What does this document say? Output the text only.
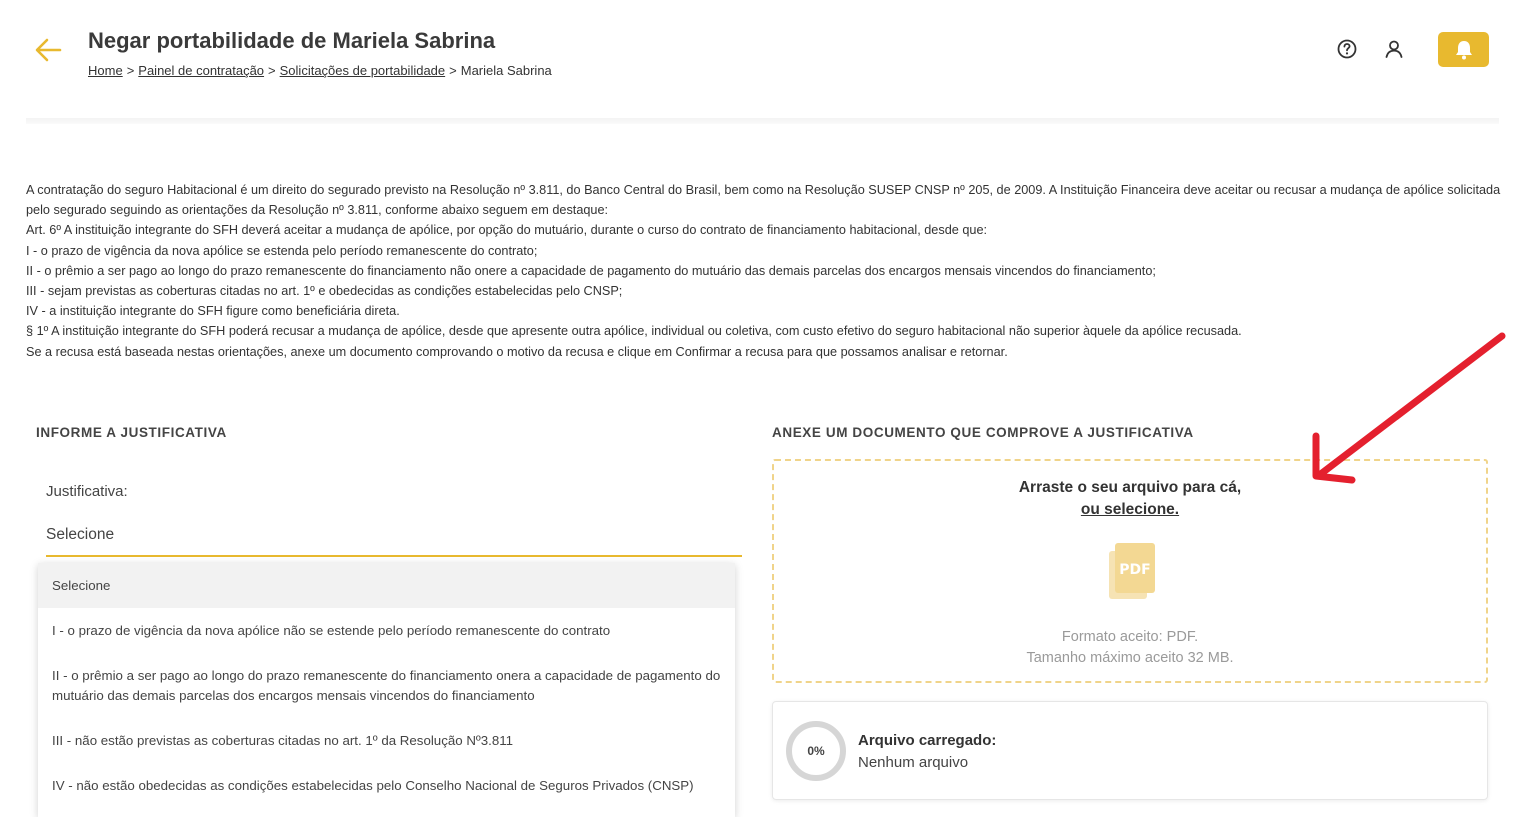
Negar portabilidade de Mariela Sabrina
Home > Painel de contratação > Solicitações de portabilidade > Mariela Sabrina

A contratação do seguro Habitacional é um direito do segurado previsto na Resolução nº 3.811, do Banco Central do Brasil, bem como na Resolução SUSEP CNSP nº 205, de 2009. A Instituição Financeira deve aceitar ou recusar a mudança de apólice solicitada pelo segurado seguindo as orientações da Resolução nº 3.811, conforme abaixo seguem em destaque:

Art. 6º A instituição integrante do SFH deverá aceitar a mudança de apólice, por opção do mutuário, durante o curso do contrato de financiamento habitacional, desde que:

I - o prazo de vigência da nova apólice se estenda pelo período remanescente do contrato;

II - o prêmio a ser pago ao longo do prazo remanescente do financiamento não onere a capacidade de pagamento do mutuário das demais parcelas dos encargos mensais vincendos do financiamento;

III - sejam previstas as coberturas citadas no art. 1º e obedecidas as condições estabelecidas pelo CNSP;

IV - a instituição integrante do SFH figure como beneficiária direta.

§ 1º A instituição integrante do SFH poderá recusar a mudança de apólice, desde que apresente outra apólice, individual ou coletiva, com custo efetivo do seguro habitacional não superior àquele da apólice recusada.

Se a recusa está baseada nestas orientações, anexe um documento comprovando o motivo da recusa e clique em Confirmar a recusa para que possamos analisar e retornar.

INFORME A JUSTIFICATIVA
Justificativa:
Selecione
Selecione
I - o prazo de vigência da nova apólice não se estende pelo período remanescente do contrato
II - o prêmio a ser pago ao longo do prazo remanescente do financiamento onera a capacidade de pagamento do mutuário das demais parcelas dos encargos mensais vincendos do financiamento
III - não estão previstas as coberturas citadas no art. 1º da Resolução Nº3.811
IV - não estão obedecidas as condições estabelecidas pelo Conselho Nacional de Seguros Privados (CNSP)
ANEXE UM DOCUMENTO QUE COMPROVE A JUSTIFICATIVA
Arraste o seu arquivo para cá,
ou selecione.
PDF
Formato aceito: PDF.
Tamanho máximo aceito 32 MB.
0%
Arquivo carregado:
Nenhum arquivo
